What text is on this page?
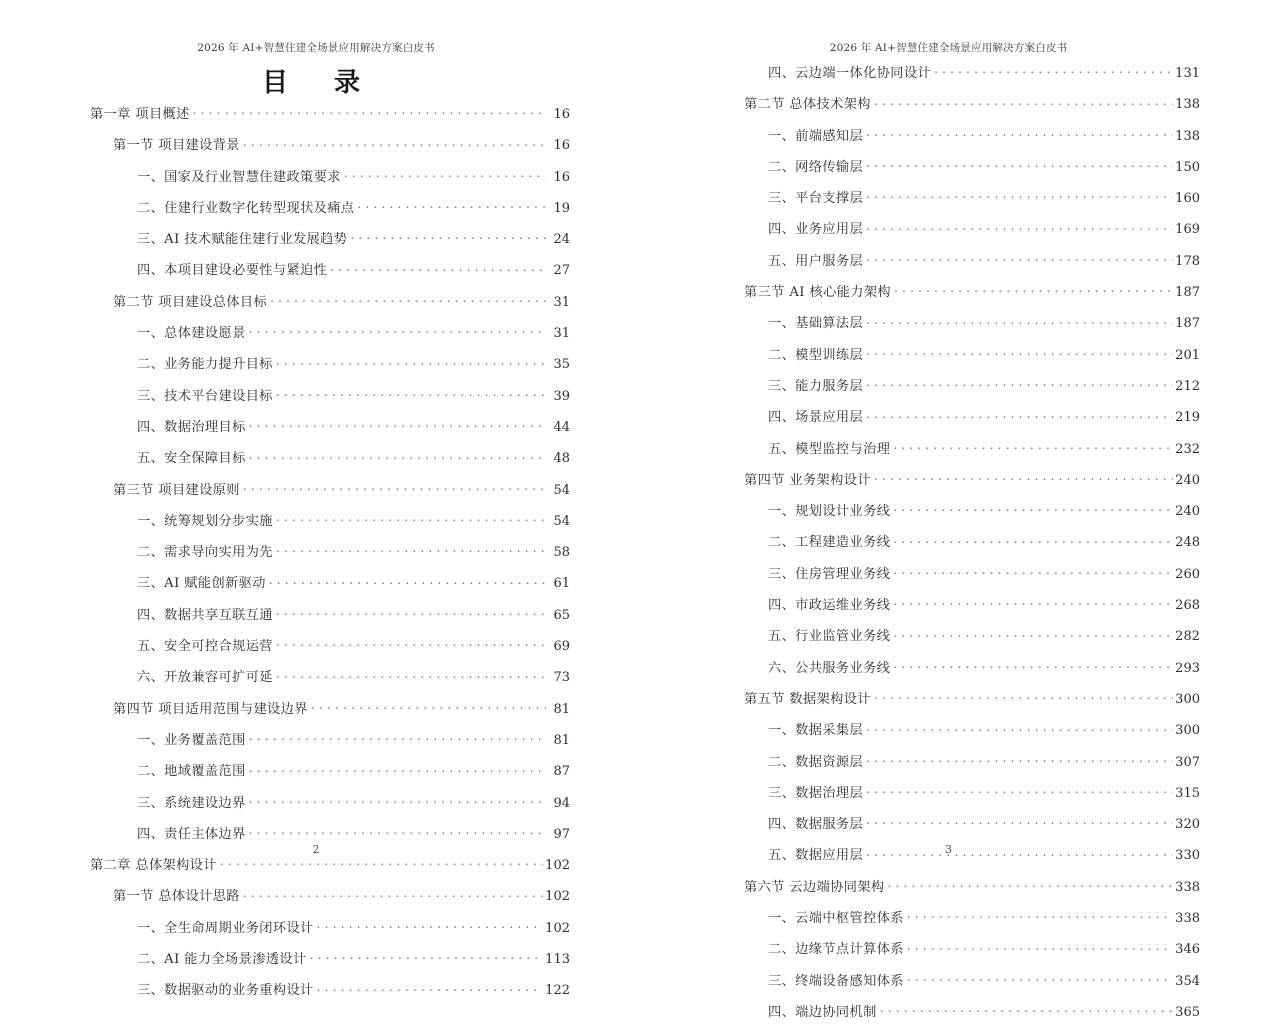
2026 年 AI+智慧住建全场景应用解决方案白皮书
目　录
第一章 项目概述 . . .	16
第一节 项目建设背景 . . .	16
一、国家及行业智慧住建政策要求 . . .	16
二、住建行业数字化转型现状及痛点 . . .	19
三、AI 技术赋能住建行业发展趋势 . . .	24
四、本项目建设必要性与紧迫性 . . .	27
第二节 项目建设总体目标 . . .	31
一、总体建设愿景 . . .	31
二、业务能力提升目标 . . .	35
三、技术平台建设目标 . . .	39
四、数据治理目标 . . .	44
五、安全保障目标 . . .	48
第三节 项目建设原则 . . .	54
一、统筹规划分步实施 . . .	54
二、需求导向实用为先 . . .	58
三、AI 赋能创新驱动 . . .	61
四、数据共享互联互通 . . .	65
五、安全可控合规运营 . . .	69
六、开放兼容可扩可延 . . .	73
第四节 项目适用范围与建设边界 . . .	81
一、业务覆盖范围 . . .	81
二、地域覆盖范围 . . .	87
三、系统建设边界 . . .	94
四、责任主体边界 . . .	97
第二章 总体架构设计 . . .	102
第一节 总体设计思路 . . .	102
一、全生命周期业务闭环设计 . . .	102
二、AI 能力全场景渗透设计 . . .	113
三、数据驱动的业务重构设计 . . .	122
2
2026 年 AI+智慧住建全场景应用解决方案白皮书
四、云边端一体化协同设计 . . .	131
第二节 总体技术架构 . . .	138
一、前端感知层 . . .	138
二、网络传输层 . . .	150
三、平台支撑层 . . .	160
四、业务应用层 . . .	169
五、用户服务层 . . .	178
第三节 AI 核心能力架构 . . .	187
一、基础算法层 . . .	187
二、模型训练层 . . .	201
三、能力服务层 . . .	212
四、场景应用层 . . .	219
五、模型监控与治理 . . .	232
第四节 业务架构设计 . . .	240
一、规划设计业务线 . . .	240
二、工程建造业务线 . . .	248
三、住房管理业务线 . . .	260
四、市政运维业务线 . . .	268
五、行业监管业务线 . . .	282
六、公共服务业务线 . . .	293
第五节 数据架构设计 . . .	300
一、数据采集层 . . .	300
二、数据资源层 . . .	307
三、数据治理层 . . .	315
四、数据服务层 . . .	320
五、数据应用层 . . .	330
第六节 云边端协同架构 . . .	338
一、云端中枢管控体系 . . .	338
二、边缘节点计算体系 . . .	346
三、终端设备感知体系 . . .	354
四、端边协同机制 . . .	365
3
